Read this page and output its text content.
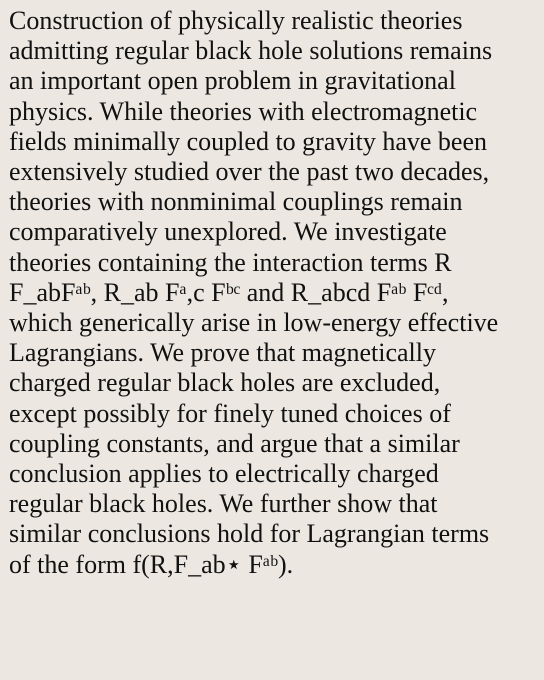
Construction of physically realistic theories
admitting regular black hole solutions remains
an important open problem in gravitational
physics. While theories with electromagnetic
fields minimally coupled to gravity have been
extensively studied over the past two decades,
theories with nonminimal couplings remain
comparatively unexplored. We investigate
theories containing the interaction terms R
F_abFᵃᵇ, R_ab Fᵃ,c Fᵇᶜ and R_abcd Fᵃᵇ Fᶜᵈ,
which generically arise in low-energy effective
Lagrangians. We prove that magnetically
charged regular black holes are excluded,
except possibly for finely tuned choices of
coupling constants, and argue that a similar
conclusion applies to electrically charged
regular black holes. We further show that
similar conclusions hold for Lagrangian terms
of the form f(R,F_ab⋆ Fᵃᵇ).
